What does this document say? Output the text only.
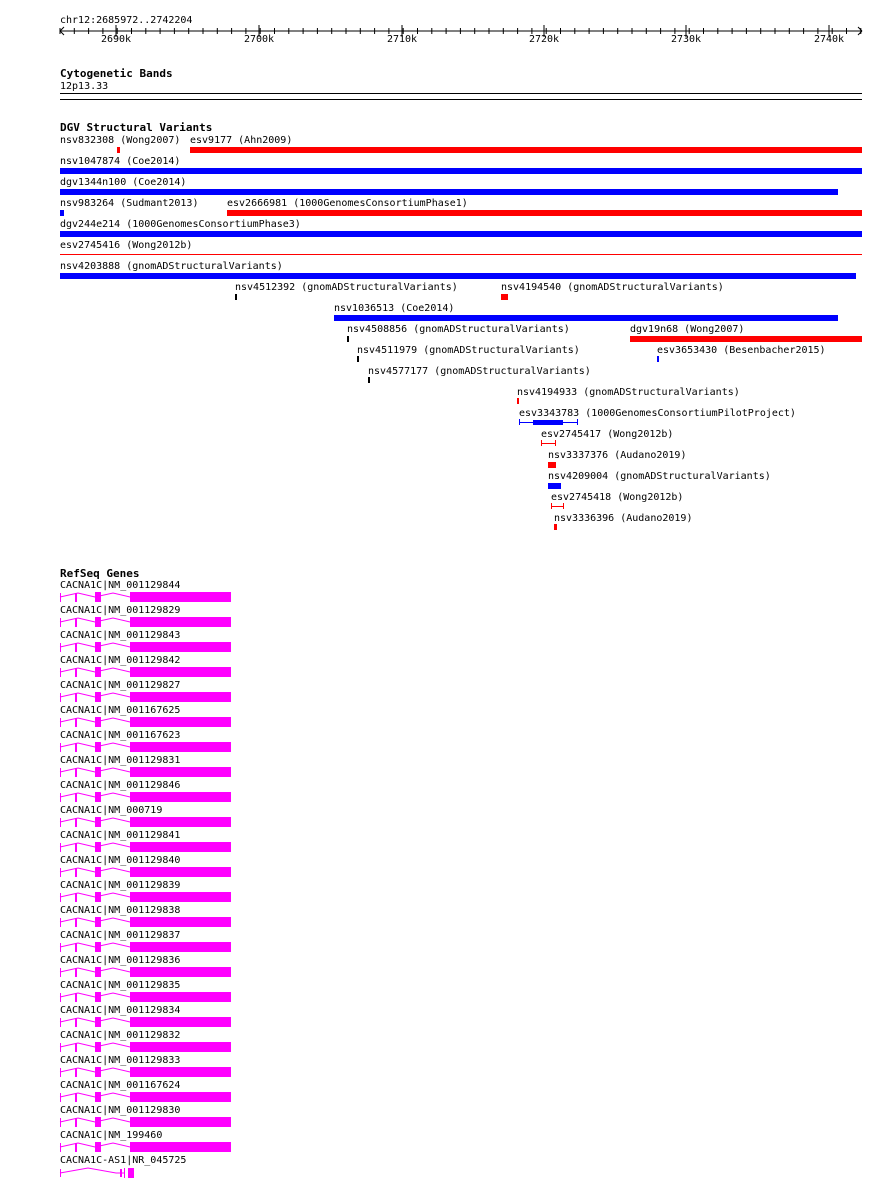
chr12:2685972..2742204
2690k	2700k	2710k	2720k	2730k	2740k
Cytogenetic Bands
12p13.33
DGV Structural Variants
nsv832308 (Wong2007) esv9177 (Ahn2009)
nsv1047874 (Coe2014)
dgv1344n100 (Coe2014)
nsv983264 (Sudmant2013)	esv2666981 (1000GenomesConsortiumPhase1)
dgv244e214 (1000GenomesConsortiumPhase3)
esv2745416 (Wong2012b)
nsv4203888 (gnomADStructuralVariants)
nsv4512392 (gnomADStructuralVariants)	nsv4194540 (gnomADStructuralVariants)
nsv1036513 (Coe2014)
nsv4508856 (gnomADStructuralVariants)	dgv19n68 (Wong2007)
nsv4511979 (gnomADStructuralVariants)	esv3653430 (Besenbacher2015)
nsv4577177 (gnomADStructuralVariants)
nsv4194933 (gnomADStructuralVariants)
esv3343783 (1000GenomesConsortiumPilotProject)
esv2745417 (Wong2012b)
nsv3337376 (Audano2019)
nsv4209004 (gnomADStructuralVariants)
esv2745418 (Wong2012b)
nsv3336396 (Audano2019)
RefSeq Genes
CACNA1C|NM_001129844
CACNA1C|NM_001129829
CACNA1C|NM_001129843
CACNA1C|NM_001129842
CACNA1C|NM_001129827
CACNA1C|NM_001167625
CACNA1C|NM_001167623
CACNA1C|NM_001129831
CACNA1C|NM_001129846
CACNA1C|NM_000719
CACNA1C|NM_001129841
CACNA1C|NM_001129840
CACNA1C|NM_001129839
CACNA1C|NM_001129838
CACNA1C|NM_001129837
CACNA1C|NM_001129836
CACNA1C|NM_001129835
CACNA1C|NM_001129834
CACNA1C|NM_001129832
CACNA1C|NM_001129833
CACNA1C|NM_001167624
CACNA1C|NM_001129830
CACNA1C|NM_199460
CACNA1C-AS1|NR_045725
